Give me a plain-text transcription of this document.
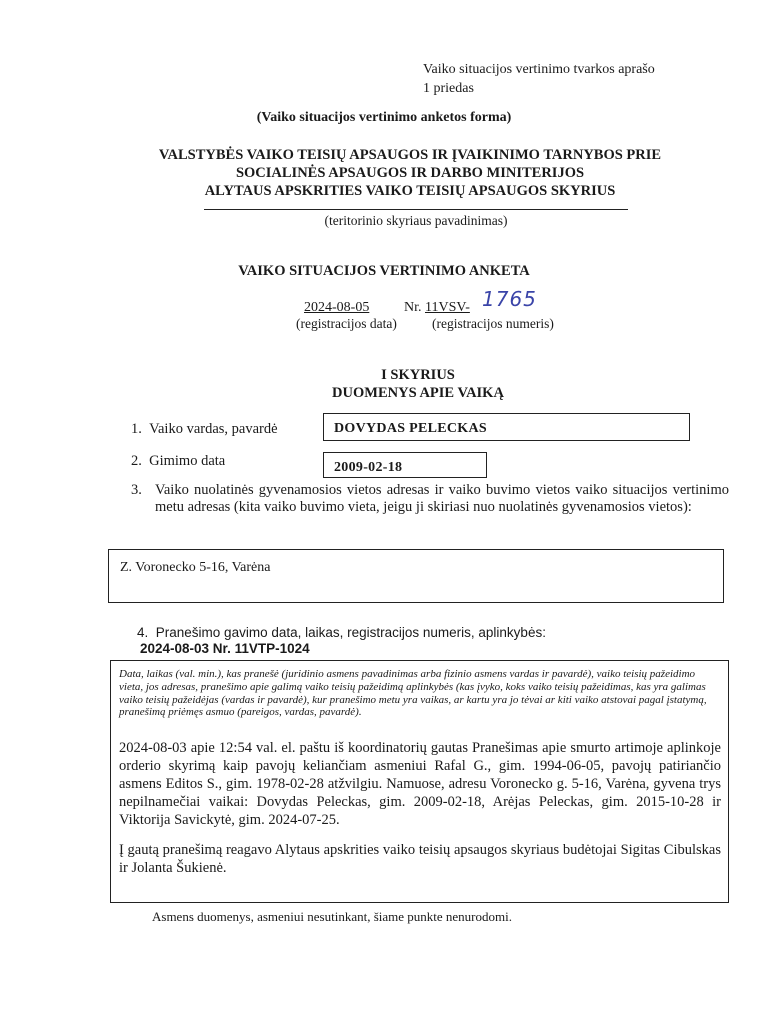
Vaiko situacijos vertinimo tvarkos aprašo
1 priedas
(Vaiko situacijos vertinimo anketos forma)
VALSTYBĖS VAIKO TEISIŲ APSAUGOS IR ĮVAIKINIMO TARNYBOS PRIE
SOCIALINĖS APSAUGOS IR DARBO MINITERIJOS
ALYTAUS APSKRITIES VAIKO TEISIŲ APSAUGOS SKYRIUS
(teritorinio skyriaus pavadinimas)
VAIKO SITUACIJOS VERTINIMO ANKETA
2024-08-05 Nr. 11VSV- 1765
(registracijos data)	(registracijos numeris)
I SKYRIUS
DUOMENYS APIE VAIKĄ
1. Vaiko vardas, pavardė	DOVYDAS PELECKAS
2. Gimimo data	2009-02-18
3. Vaiko nuolatinės gyvenamosios vietos adresas ir vaiko buvimo vietos vaiko situacijos vertinimo metu adresas (kita vaiko buvimo vieta, jeigu ji skiriasi nuo nuolatinės gyvenamosios vietos):
Z. Voronecko 5-16, Varėna
4. Pranešimo gavimo data, laikas, registracijos numeris, aplinkybės:
2024-08-03 Nr. 11VTP-1024
Data, laikas (val. min.), kas pranešė (juridinio asmens pavadinimas arba fizinio asmens vardas ir pavardė), vaiko teisių pažeidimo vieta, jos adresas, pranešimo apie galimą vaiko teisių pažeidimą aplinkybės (kas įvyko, koks vaiko teisių pažeidimas, kas yra galimas vaiko teisių pažeidėjas (vardas ir pavardė), kur pranešimo metu yra vaikas, ar kartu yra jo tėvai ar kiti vaiko atstovai pagal įstatymą, pranešimą priėmęs asmuo (pareigos, vardas, pavardė).

2024-08-03 apie 12:54 val. el. paštu iš koordinatorių gautas Pranešimas apie smurto artimoje aplinkoje orderio skyrimą kaip pavojų keliančiam asmeniui Rafal G., gim. 1994-06-05, pavojų patiriančio asmens Editos S., gim. 1978-02-28 atžvilgiu. Namuose, adresu Voronecko g. 5-16, Varėna, gyvena trys nepilnamečiai vaikai: Dovydas Peleckas, gim. 2009-02-18, Arėjas Peleckas, gim. 2015-10-28 ir Viktorija Savickytė, gim. 2024-07-25.

Į gautą pranešimą reagavo Alytaus apskrities vaiko teisių apsaugos skyriaus budėtojai Sigitas Cibulskas ir Jolanta Šukienė.

Asmens duomenys, asmeniui nesutinkant, šiame punkte nenurodomi.
